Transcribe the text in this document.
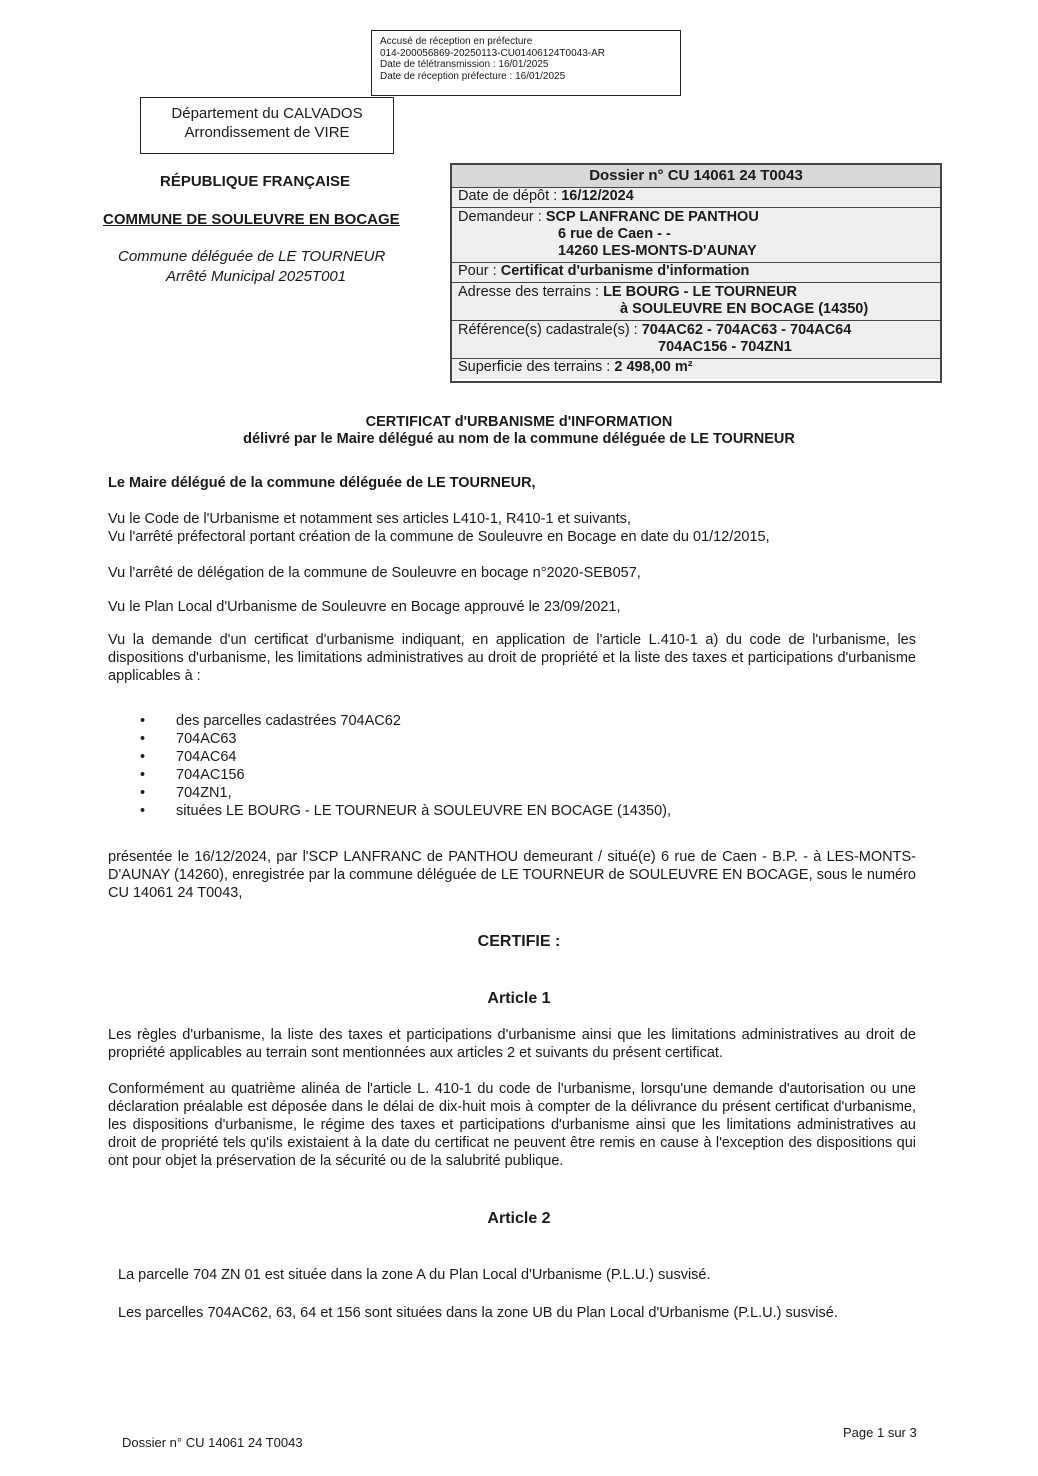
Accusé de réception en préfecture
014-200056869-20250113-CU01406124T0043-AR
Date de télétransmission : 16/01/2025
Date de réception préfecture : 16/01/2025
Département du CALVADOS
Arrondissement de VIRE
RÉPUBLIQUE FRANÇAISE
COMMUNE DE SOULEUVRE EN BOCAGE
Commune déléguée de LE TOURNEUR
Arrêté Municipal 2025T001
Dossier n° CU 14061 24 T0043
Date de dépôt : 16/12/2024
Demandeur : SCP LANFRANC DE PANTHOU
6 rue de Caen - -
14260 LES-MONTS-D'AUNAY
Pour : Certificat d'urbanisme d'information
Adresse des terrains : LE BOURG - LE TOURNEUR
à SOULEUVRE EN BOCAGE (14350)
Référence(s) cadastrale(s) : 704AC62 - 704AC63 - 704AC64
704AC156 - 704ZN1
Superficie des terrains : 2 498,00 m²
CERTIFICAT d'URBANISME d'INFORMATION
délivré par le Maire délégué au nom de la commune déléguée de LE TOURNEUR
Le Maire délégué de la commune déléguée de LE TOURNEUR,
Vu le Code de l'Urbanisme et notamment ses articles L410-1, R410-1 et suivants,
Vu l'arrêté préfectoral portant création de la commune de Souleuvre en Bocage en date du 01/12/2015,
Vu l'arrêté de délégation de la commune de Souleuvre en bocage n°2020-SEB057,
Vu le Plan Local d'Urbanisme de Souleuvre en Bocage approuvé le 23/09/2021,
Vu la demande d'un certificat d'urbanisme indiquant, en application de l'article L.410-1 a) du code de l'urbanisme, les dispositions d'urbanisme, les limitations administratives au droit de propriété et la liste des taxes et participations d'urbanisme applicables à :
•	des parcelles cadastrées 704AC62
•	704AC63
•	704AC64
•	704AC156
•	704ZN1,
•	situées LE BOURG - LE TOURNEUR à SOULEUVRE EN BOCAGE (14350),
présentée le 16/12/2024, par l'SCP LANFRANC de PANTHOU demeurant / situé(e) 6 rue de Caen - B.P. - à LES-MONTS-D'AUNAY (14260), enregistrée par la commune déléguée de LE TOURNEUR de SOULEUVRE EN BOCAGE, sous le numéro CU 14061 24 T0043,
CERTIFIE :
Article 1
Les règles d'urbanisme, la liste des taxes et participations d'urbanisme ainsi que les limitations administratives au droit de propriété applicables au terrain sont mentionnées aux articles 2 et suivants du présent certificat.
Conformément au quatrième alinéa de l'article L. 410-1 du code de l'urbanisme, lorsqu'une demande d'autorisation ou une déclaration préalable est déposée dans le délai de dix-huit mois à compter de la délivrance du présent certificat d'urbanisme, les dispositions d'urbanisme, le régime des taxes et participations d'urbanisme ainsi que les limitations administratives au droit de propriété tels qu'ils existaient à la date du certificat ne peuvent être remis en cause à l'exception des dispositions qui ont pour objet la préservation de la sécurité ou de la salubrité publique.
Article 2
La parcelle 704 ZN 01 est située dans la zone A du Plan Local d'Urbanisme (P.L.U.) susvisé.
Les parcelles 704AC62, 63, 64 et 156 sont situées dans la zone UB du Plan Local d'Urbanisme (P.L.U.) susvisé.
Dossier n° CU 14061 24 T0043
Page 1 sur 3
